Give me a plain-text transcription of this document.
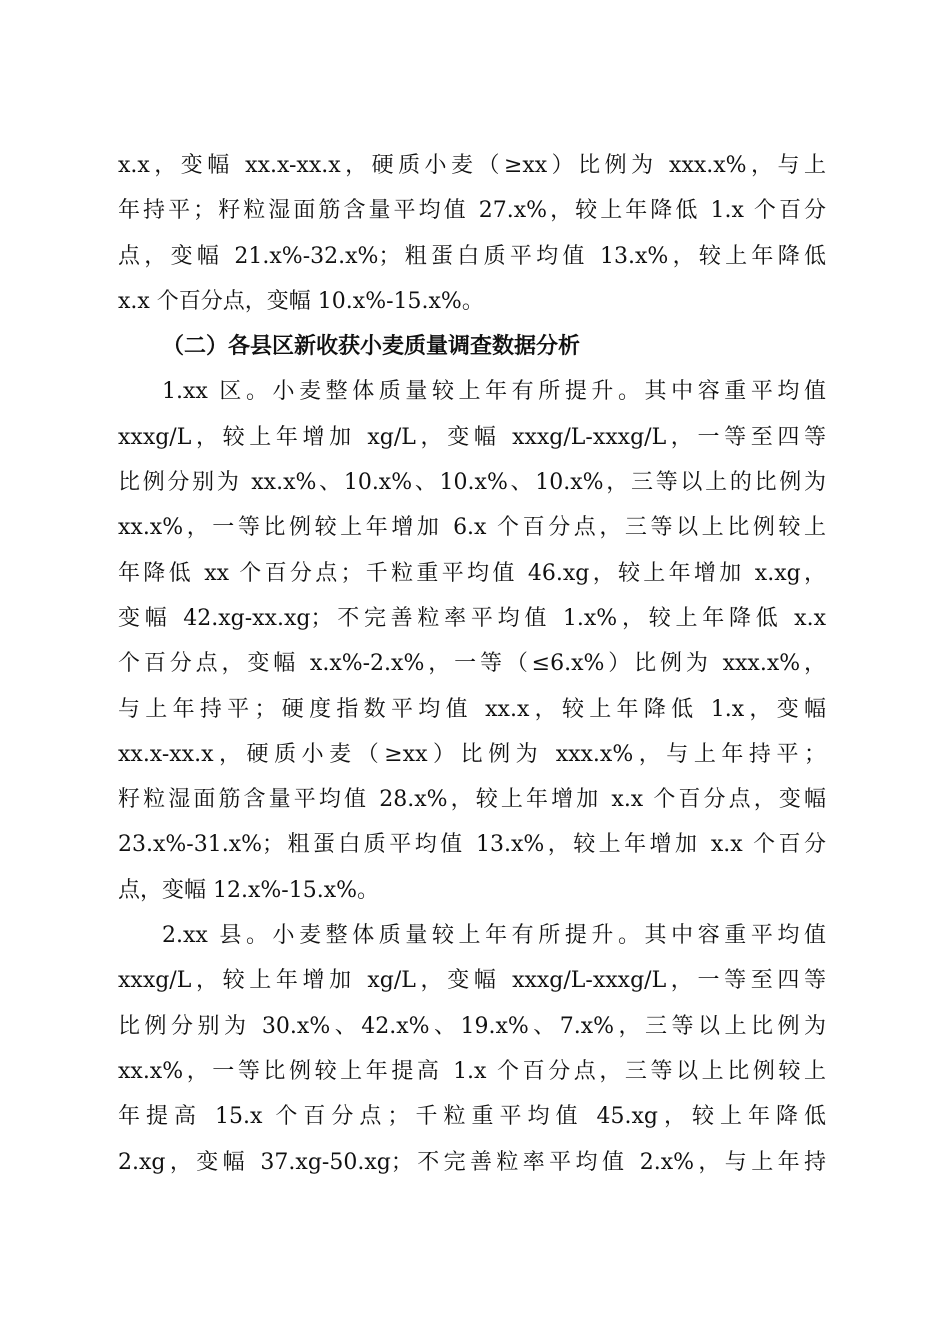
x.x，变幅 xx.x-xx.x，硬质小麦（≥xx）比例为 xxx.x%，与上
年持平；籽粒湿面筋含量平均值 27.x%，较上年降低 1.x 个百分
点，变幅 21.x%-32.x%；粗蛋白质平均值 13.x%，较上年降低
x.x 个百分点，变幅 10.x%-15.x%。
（二）各县区新收获小麦质量调查数据分析
1.xx 区。小麦整体质量较上年有所提升。其中容重平均值
xxxg/L，较上年增加 xg/L，变幅 xxxg/L-xxxg/L，一等至四等
比例分别为 xx.x%、10.x%、10.x%、10.x%，三等以上的比例为
xx.x%，一等比例较上年增加 6.x 个百分点，三等以上比例较上
年降低 xx 个百分点；千粒重平均值 46.xg，较上年增加 x.xg，
变幅 42.xg-xx.xg；不完善粒率平均值 1.x%，较上年降低 x.x
个百分点，变幅 x.x%-2.x%，一等（≤6.x%）比例为 xxx.x%，
与上年持平；硬度指数平均值 xx.x，较上年降低 1.x，变幅
xx.x-xx.x，硬质小麦（≥xx）比例为 xxx.x%，与上年持平；
籽粒湿面筋含量平均值 28.x%，较上年增加 x.x 个百分点，变幅
23.x%-31.x%；粗蛋白质平均值 13.x%，较上年增加 x.x 个百分
点，变幅 12.x%-15.x%。
2.xx 县。小麦整体质量较上年有所提升。其中容重平均值
xxxg/L，较上年增加 xg/L，变幅 xxxg/L-xxxg/L，一等至四等
比例分别为 30.x%、42.x%、19.x%、7.x%，三等以上比例为
xx.x%，一等比例较上年提高 1.x 个百分点，三等以上比例较上
年提高 15.x 个百分点；千粒重平均值 45.xg，较上年降低
2.xg，变幅 37.xg-50.xg；不完善粒率平均值 2.x%，与上年持
